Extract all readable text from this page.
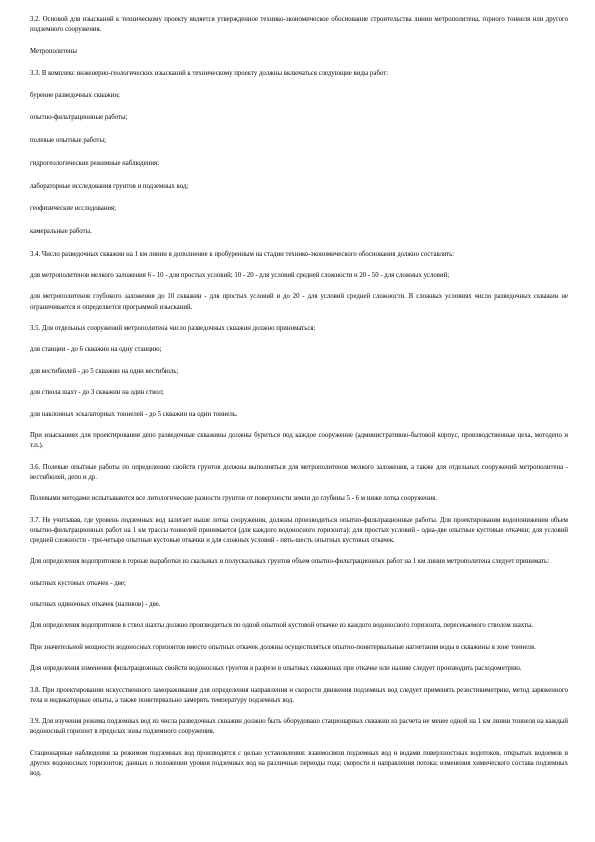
3.2. Основой для изысканий к техническому проекту является утвержденное технико-экономическое обоснование строительства линии метрополитена, горного тоннеля или другого подземного сооружения.

Метрополитены

3.3. В комплекс инженерно-геологических изысканий к техническому проекту должны включаться следующие виды работ:

бурение разведочных скважин;

опытно-фильтрационные работы;

полевые опытные работы;

гидрогеологические режимные наблюдения;

лабораторные исследования грунтов и подземных вод;

геофизические исследования;

камеральные работы.

3.4. Число разведочных скважин на 1 км линии в дополнение к пробуренным на стадии технико-экономического обоснования должно составлять:

для метрополитенов мелкого заложения 6 - 10 - для простых условий; 10 - 20 - для условий средней сложности и 20 - 50 - для сложных условий;

для метрополитенов глубокого заложения до 10 скважин - для простых условий и до 20 - для условий средней сложности. В сложных условиях число разведочных скважин не ограничивается и определяется программой изысканий.

3.5. Для отдельных сооружений метрополитена число разведочных скважин должно приниматься:

для станции - до 6 скважин на одну станцию;

для вестибюлей - до 5 скважин на один вестибюль;

для ствола шахт - до 3 скважин на один ствол;

для наклонных эскалаторных тоннелей - до 5 скважин на один тоннель.

При изысканиях для проектирования депо разведочные скважины должны буриться под каждое сооружение (административно-бытовой корпус, производственные цеха, мотодепо и т.п.).

3.6. Полевые опытные работы по определению свойств грунтов должны выполняться для метрополитенов мелкого заложения, а также для отдельных сооружений метрополитена - вестибюлей, депо и др.

Полевыми методами испытываются все литологические разности грунтов от поверхности земли до глубины 5 - 6 м ниже лотка сооружения.

3.7. Не учитывая, где уровень подземных вод залегает выше лотка сооружения, должны производиться опытно-фильтрационные работы. Для проектирования водопонижения объем опытно-фильтрационных работ на 1 км трассы тоннелей принимается (для каждого водоносного горизонта): для простых условий - одна-две опытные кустовые откачки; для условий средней сложности - три-четыре опытные кустовые откачки и для сложных условий - пять-шесть опытных кустовых откачек.

Для определения водопритоков в горные выработки из скальных и полускальных грунтов объем опытно-фильтрационных работ на 1 км линии метрополитена следует принимать:

опытных кустовых откачек - две;

опытных одиночных откачек (наливов) - две.

Для определения водопритоков в ствол шахты должно производиться по одной опытной кустовой откачке из каждого водоносного горизонта, пересекаемого стволом шахты.

При значительной мощности водоносных горизонтов вместо опытных откачек должны осуществляться опытно-поинтервальные нагнетания воды в скважины в зоне тоннеля.

Для определения изменения фильтрационных свойств водоносных грунтов в разрезе в опытных скважинах при откачке или наливе следует производить расходометрию.

3.8. При проектировании искусственного замораживания для определения направления и скорости движения подземных вод следует применять резистивиметрию, метод заряженного тела и индикаторные опыты, а также поинтервально замерять температуру подземных вод.

3.9. Для изучения режима подземных вод из числа разведочных скважин должно быть оборудовано стационарных скважин из расчета не менее одной на 1 км линии тоннеля на каждый водоносный горизонт в пределах зоны подземного сооружения.

Стационарные наблюдения за режимом подземных вод производятся с целью установления: взаимосвязи подземных вод и водами поверхностных водотоков, открытых водоемов и других водоносных горизонтов; данных о положении уровня подземных вод на различные периоды года; скорости и направления потока; изменения химического состава подземных вод.
